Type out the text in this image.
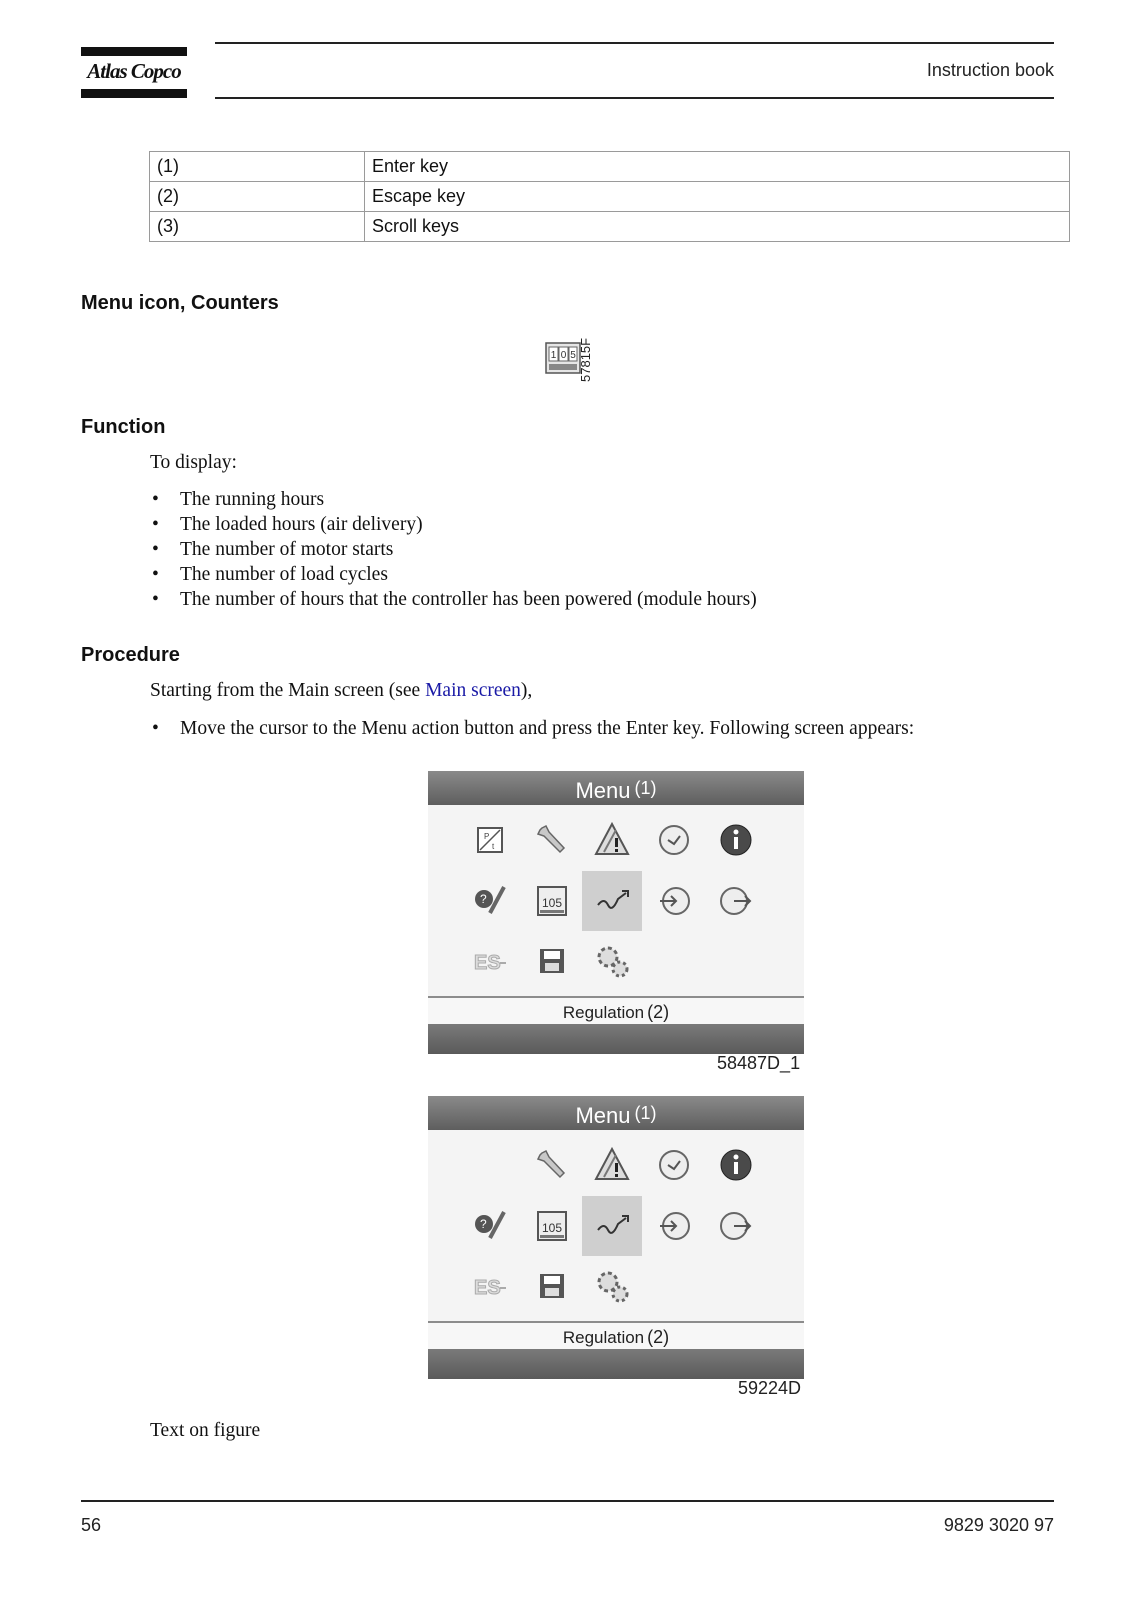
Atlas Copco	Instruction book
(1)	Enter key
(2)	Escape key
(3)	Scroll keys
Menu icon, Counters
1 0 5 57815F
Function
To display:
• The running hours
• The loaded hours (air delivery)
• The number of motor starts
• The number of load cycles
• The number of hours that the controller has been powered (module hours)
Procedure
Starting from the Main screen (see Main screen),
• Move the cursor to the Menu action button and press the Enter key. Following screen appears:
Menu (1)
P
t
?	105
ES
Regulation (2)
58487D_1
Menu (1)
?	105
ES
Regulation (2)
59224D
Text on figure
56	9829 3020 97
